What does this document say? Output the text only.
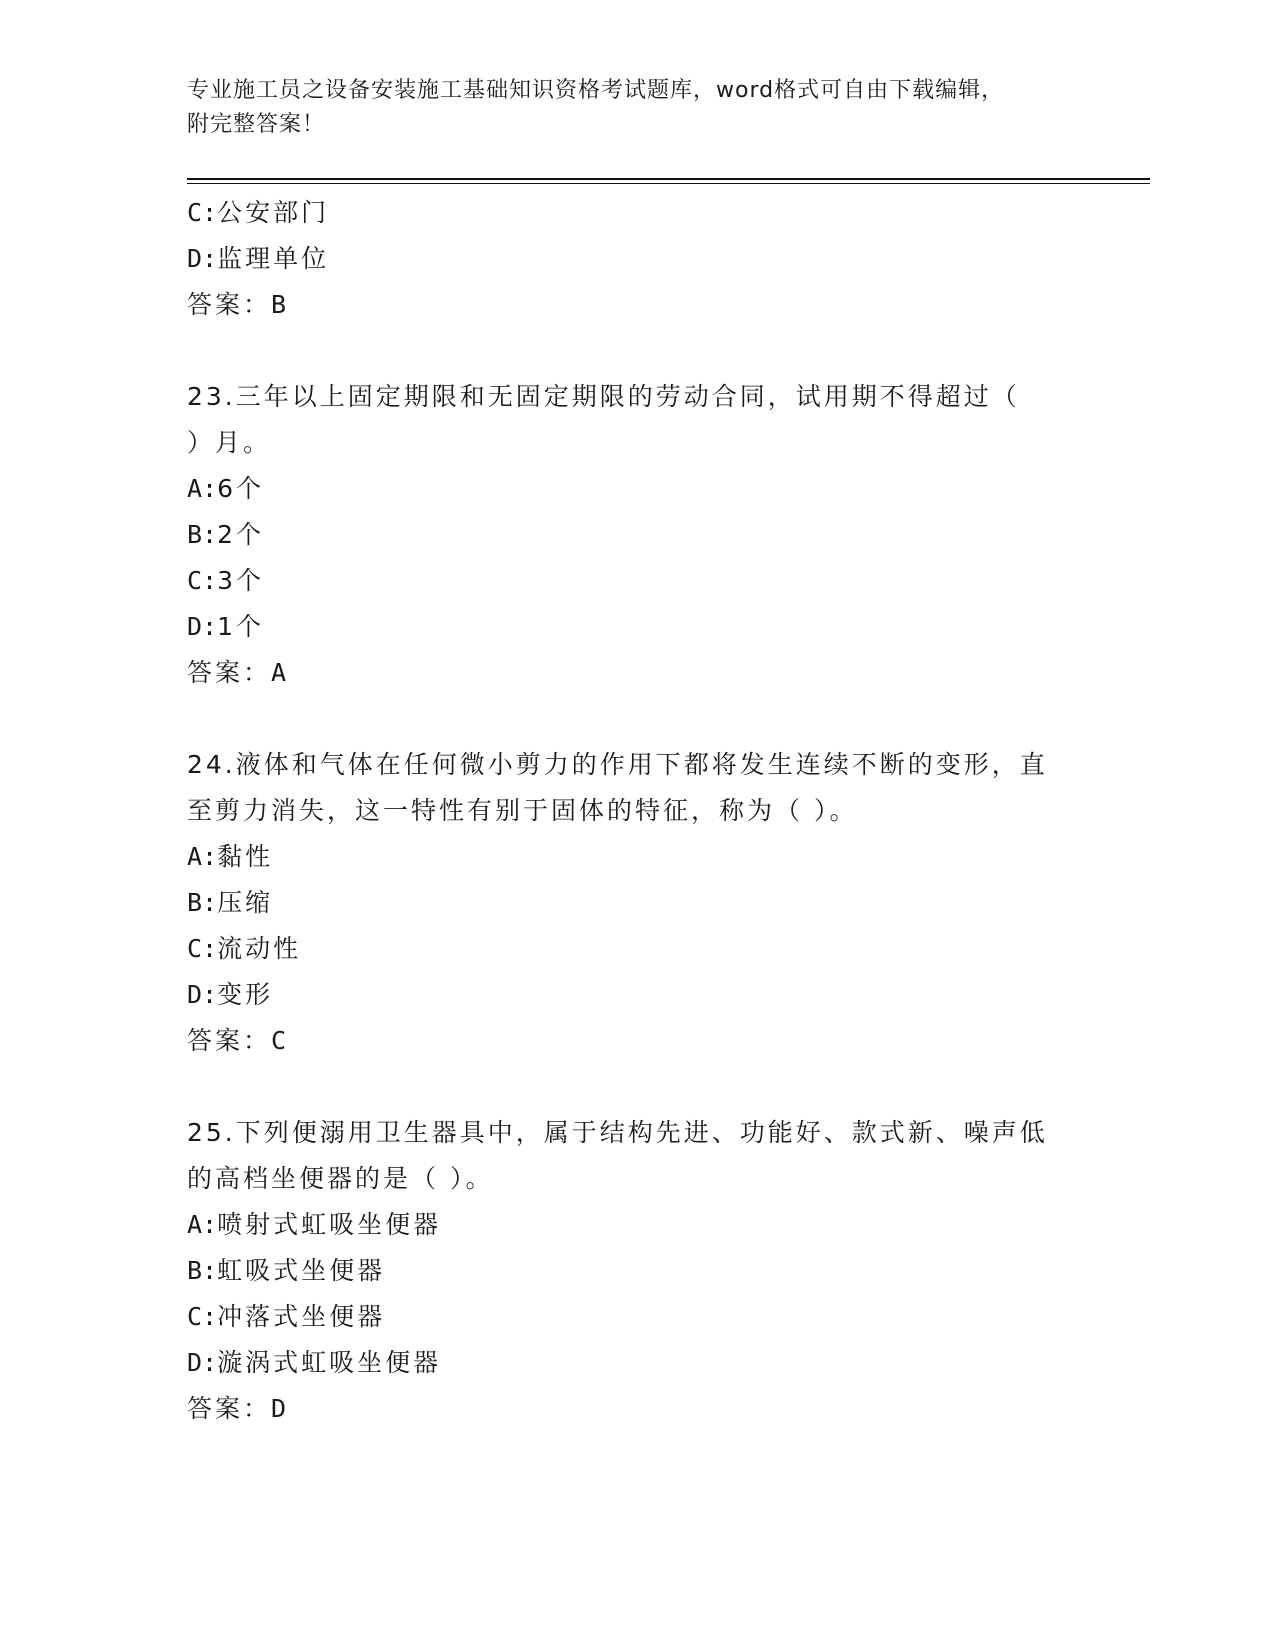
专业施工员之设备安装施工基础知识资格考试题库，word格式可自由下载编辑，
附完整答案！
C:公安部门
D:监理单位
答案：B
23.三年以上固定期限和无固定期限的劳动合同，试用期不得超过（
）月。
A:6个
B:2个
C:3个
D:1个
答案：A
24.液体和气体在任何微小剪力的作用下都将发生连续不断的变形，直
至剪力消失，这一特性有别于固体的特征，称为（ ）。
A:黏性
B:压缩
C:流动性
D:变形
答案：C
25.下列便溺用卫生器具中，属于结构先进、功能好、款式新、噪声低
的高档坐便器的是（ ）。
A:喷射式虹吸坐便器
B:虹吸式坐便器
C:冲落式坐便器
D:漩涡式虹吸坐便器
答案：D
